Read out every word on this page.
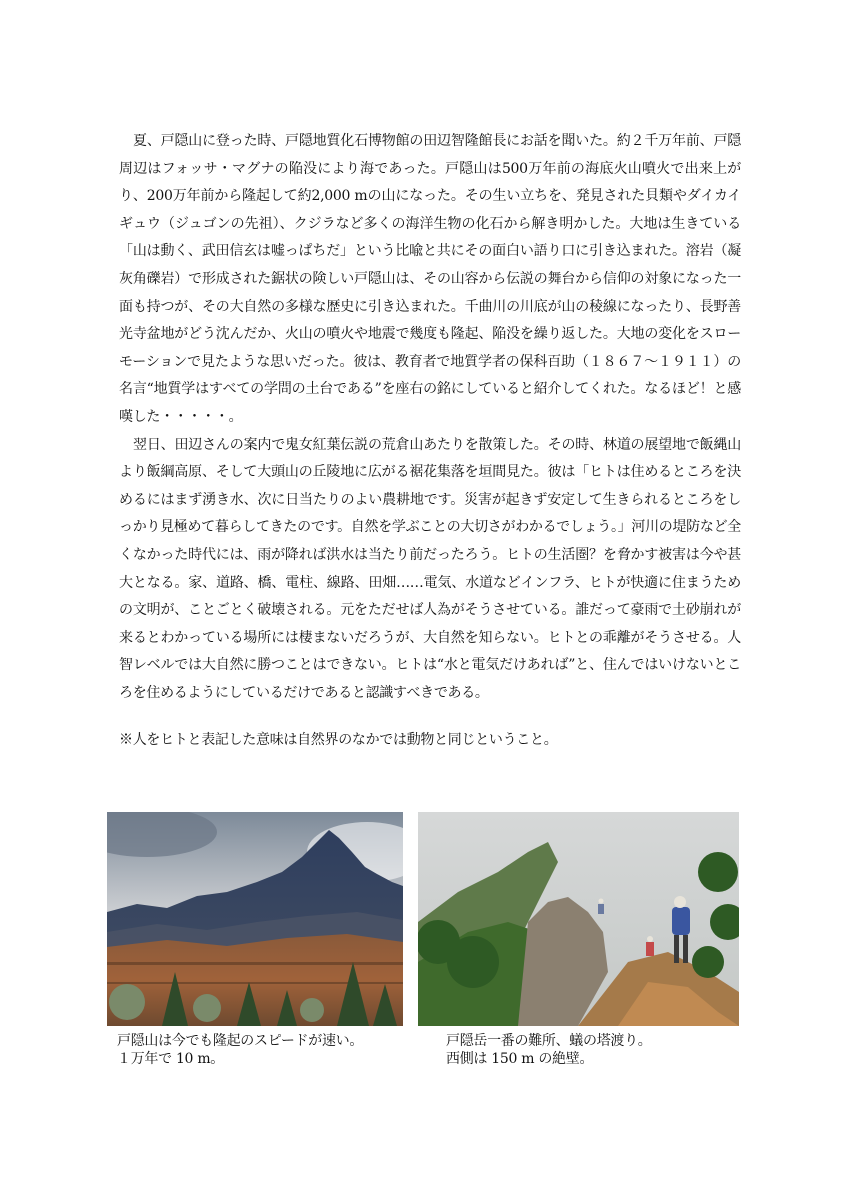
夏、戸隠山に登った時、戸隠地質化石博物館の田辺智隆館長にお話を聞いた。約２千万年前、戸隠周辺はフォッサ・マグナの陥没により海であった。戸隠山は500万年前の海底火山噴火で出来上がり、200万年前から隆起して約2,000 mの山になった。その生い立ちを、発見された貝類やダイカイギュウ（ジュゴンの先祖）、クジラなど多くの海洋生物の化石から解き明かした。大地は生きている「山は動く、武田信玄は嘘っぱちだ」という比喩と共にその面白い語り口に引き込まれた。溶岩（凝灰角礫岩）で形成された鋸状の険しい戸隠山は、その山容から伝説の舞台から信仰の対象になった一面も持つが、その大自然の多様な歴史に引き込まれた。千曲川の川底が山の稜線になったり、長野善光寺盆地がどう沈んだか、火山の噴火や地震で幾度も隆起、陥没を繰り返した。大地の変化をスローモーションで見たような思いだった。彼は、教育者で地質学者の保科百助（１８６７～１９１１）の名言“地質学はすべての学問の土台である”を座右の銘にしていると紹介してくれた。なるほど！と感嘆した・・・・・。

翌日、田辺さんの案内で鬼女紅葉伝説の荒倉山あたりを散策した。その時、林道の展望地で飯縄山より飯綱高原、そして大頭山の丘陵地に広がる裾花集落を垣間見た。彼は「ヒトは住めるところを決めるにはまず湧き水、次に日当たりのよい農耕地です。災害が起きず安定して生きられるところをしっかり見極めて暮らしてきたのです。自然を学ぶことの大切さがわかるでしょう。」河川の堤防など全くなかった時代には、雨が降れば洪水は当たり前だったろう。ヒトの生活圏？を脅かす被害は今や甚大となる。家、道路、橋、電柱、線路、田畑……電気、水道などインフラ、ヒトが快適に住まうための文明が、ことごとく破壊される。元をただせば人為がそうさせている。誰だって豪雨で土砂崩れが来るとわかっている場所には棲まないだろうが、大自然を知らない。ヒトとの乖離がそうさせる。人智レベルでは大自然に勝つことはできない。ヒトは“水と電気だけあれば”と、住んではいけないところを住めるようにしているだけであると認識すべきである。

※人をヒトと表記した意味は自然界のなかでは動物と同じということ。

戸隠山は今でも隆起のスピードが速い。
１万年で 10 m。
戸隠岳一番の難所、蟻の塔渡り。
西側は 150 m の絶壁。
